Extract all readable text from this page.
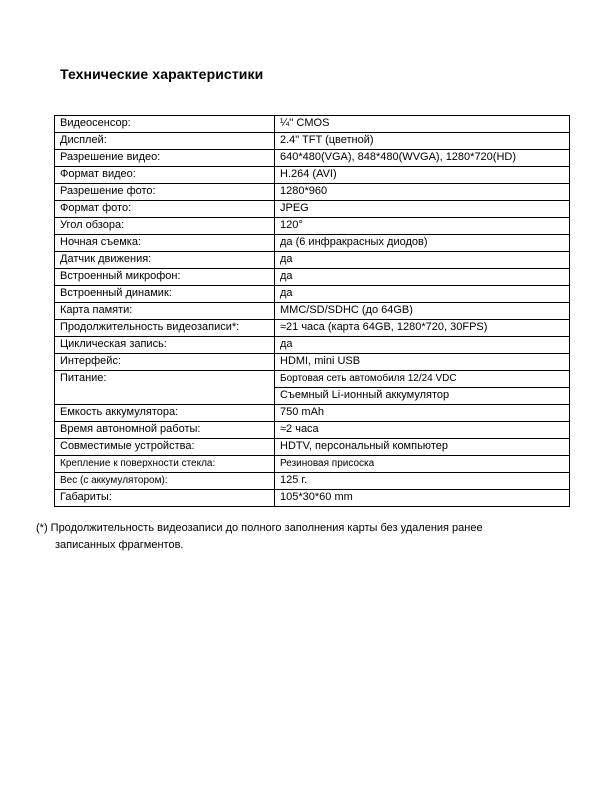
Технические характеристики
Видеосенсор:	¼'' CMOS
Дисплей:	2.4" TFT (цветной)
Разрешение видео:	640*480(VGA), 848*480(WVGA), 1280*720(HD)
Формат видео:	H.264 (AVI)
Разрешение фото:	1280*960
Формат фото:	JPEG
Угол обзора:	120°
Ночная съемка:	да (6 инфракрасных диодов)
Датчик движения:	да
Встроенный микрофон:	да
Встроенный динамик:	да
Карта памяти:	MMC/SD/SDHC (до 64GB)
Продолжительность видеозаписи*:	≈21 часа (карта 64GB, 1280*720, 30FPS)
Циклическая запись:	да
Интерфейс:	HDMI, mini USB
Питание:	Бортовая сеть автомобиля 12/24 VDC
	Съемный Li-ионный аккумулятор
Емкость аккумулятора:	750 mAh
Время автономной работы:	≈2 часа
Совместимые устройства:	HDTV, персональный компьютер
Крепление к поверхности стекла:	Резиновая присоска
Вес (с аккумулятором):	125 г.
Габариты:	105*30*60 mm

(*) Продолжительность видеозаписи до полного заполнения карты без удаления ранее
записанных фрагментов.
